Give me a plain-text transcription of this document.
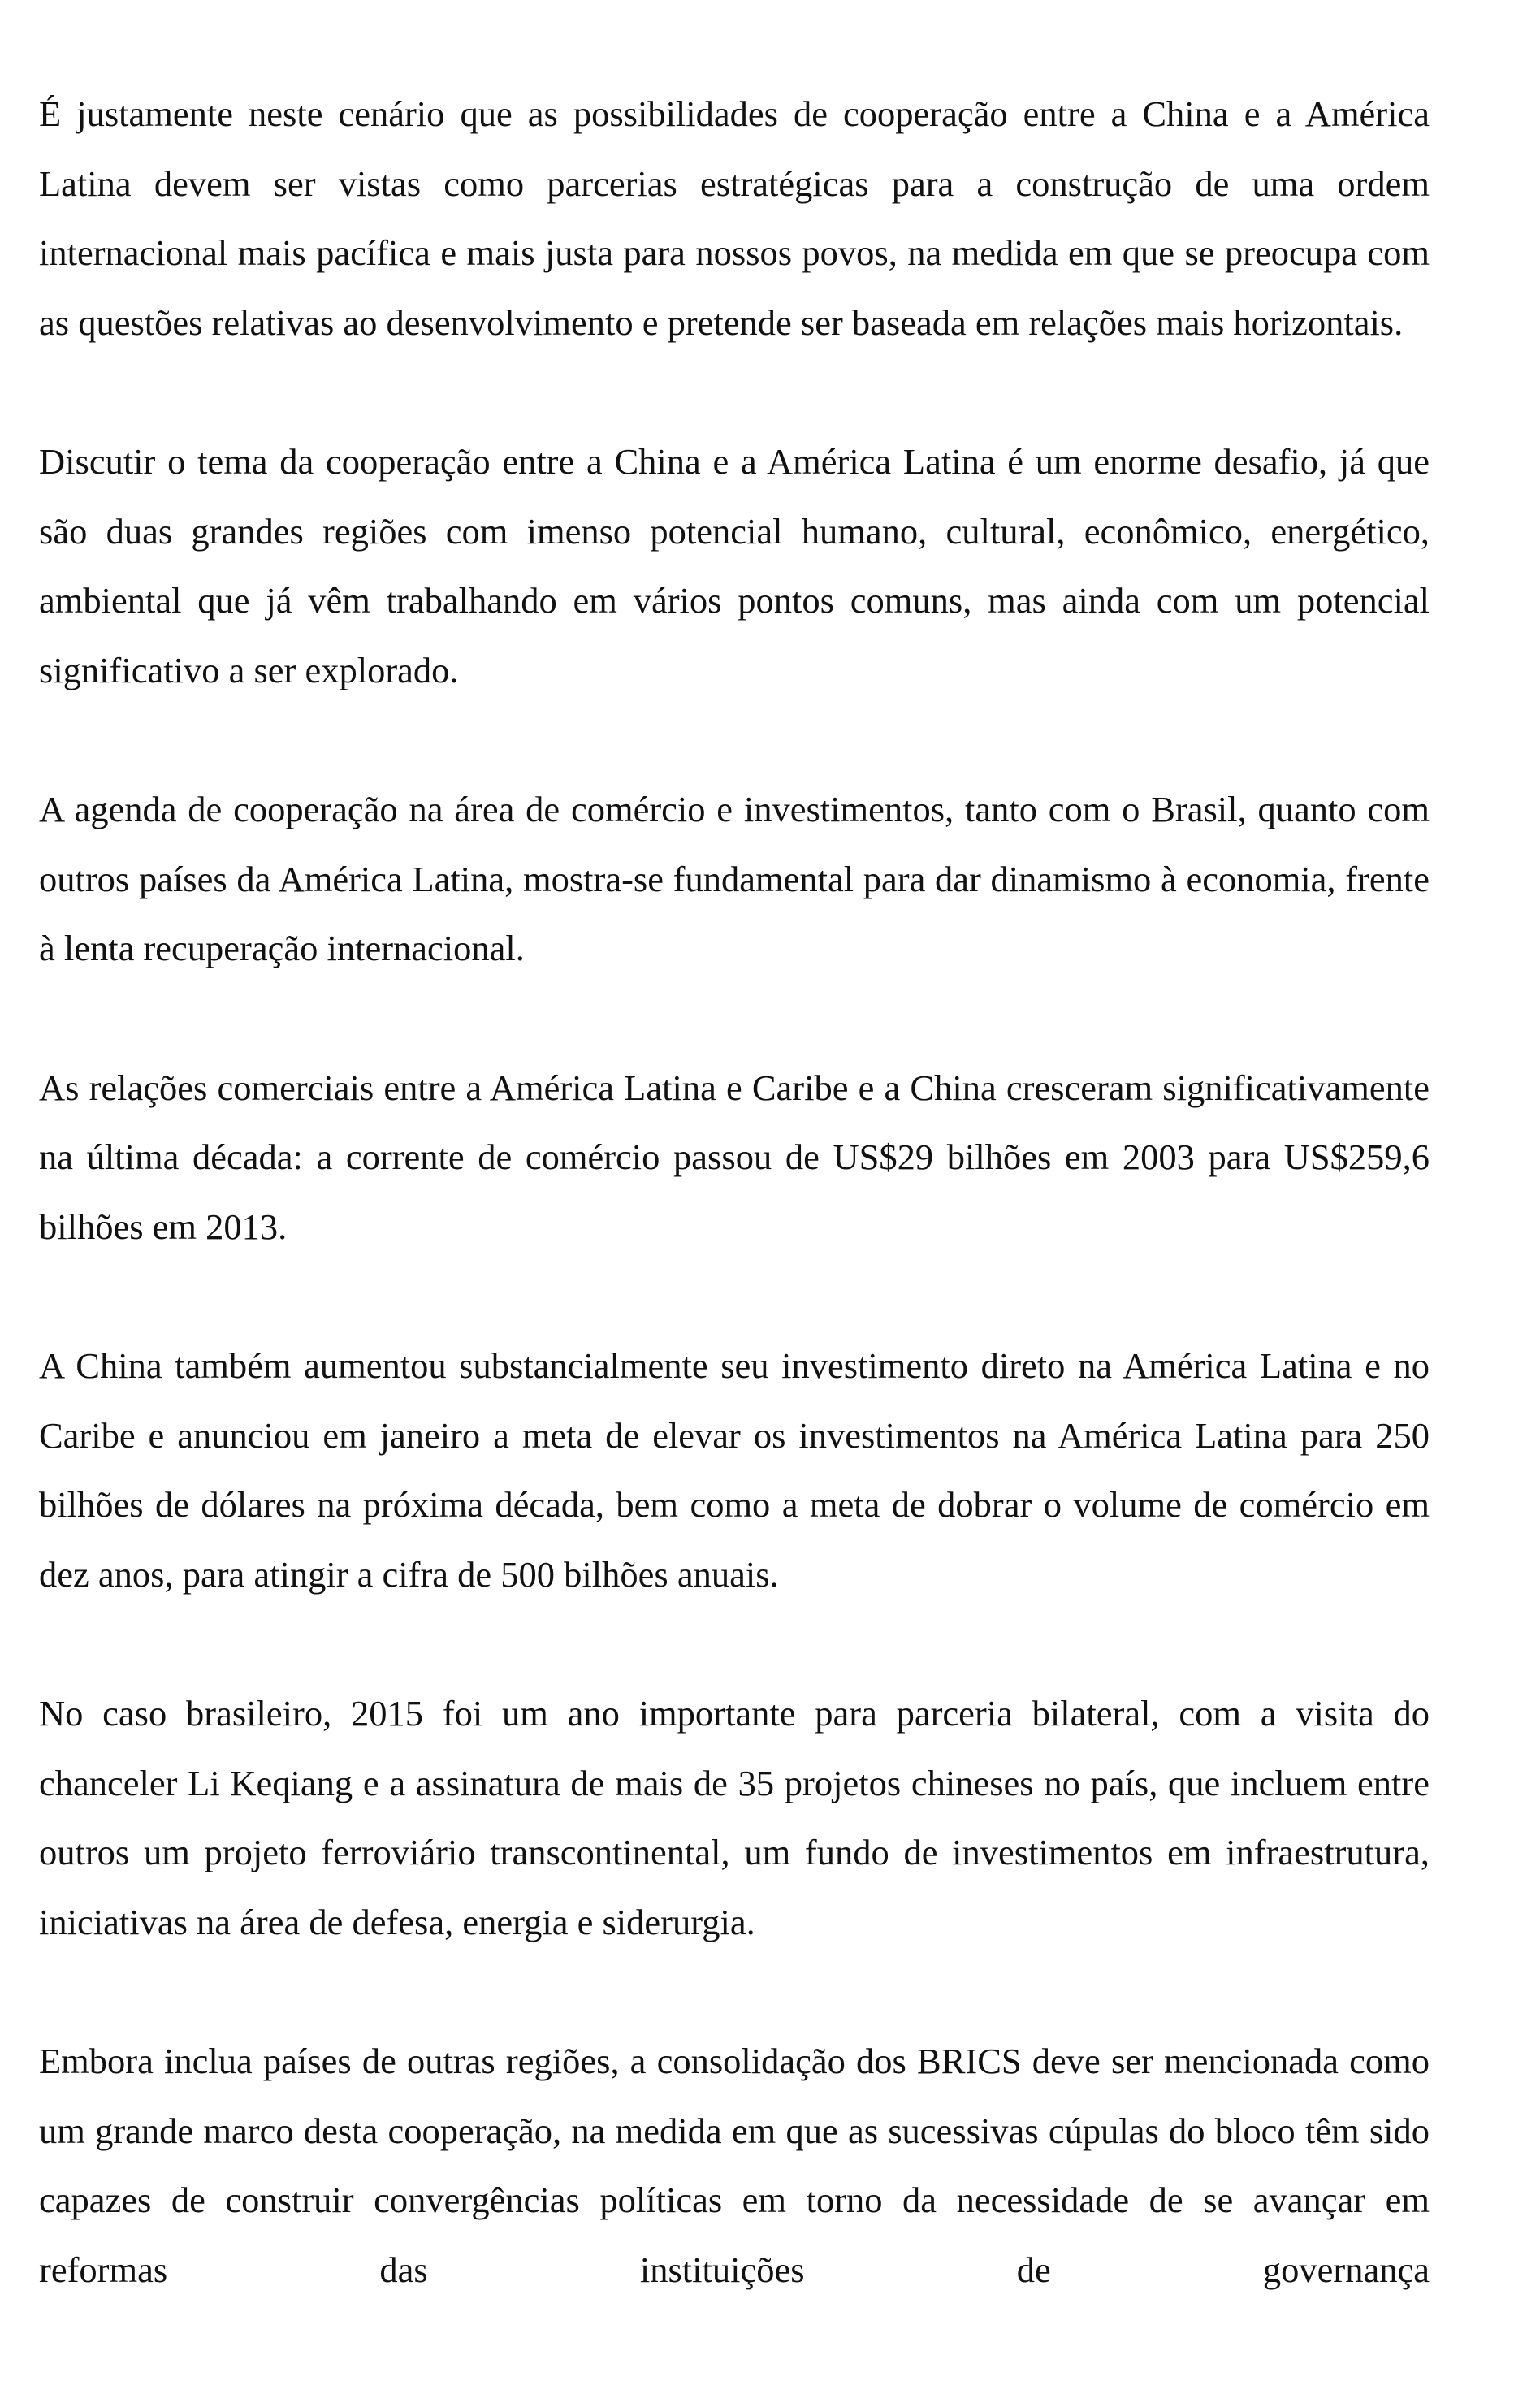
É justamente neste cenário que as possibilidades de cooperação entre a China e a América Latina devem ser vistas como parcerias estratégicas para a construção de uma ordem internacional mais pacífica e mais justa para nossos povos, na medida em que se preocupa com as questões relativas ao desenvolvimento e pretende ser baseada em relações mais horizontais.

Discutir o tema da cooperação entre a China e a América Latina é um enorme desafio, já que são duas grandes regiões com imenso potencial humano, cultural, econômico, energético, ambiental que já vêm trabalhando em vários pontos comuns, mas ainda com um potencial significativo a ser explorado.

A agenda de cooperação na área de comércio e investimentos, tanto com o Brasil, quanto com outros países da América Latina, mostra-se fundamental para dar dinamismo à economia, frente à lenta recuperação internacional.

As relações comerciais entre a América Latina e Caribe e a China cresceram significativamente na última década: a corrente de comércio passou de US$29 bilhões em 2003 para US$259,6 bilhões em 2013.

A China também aumentou substancialmente seu investimento direto na América Latina e no Caribe e anunciou em janeiro a meta de elevar os investimentos na América Latina para 250 bilhões de dólares na próxima década, bem como a meta de dobrar o volume de comércio em dez anos, para atingir a cifra de 500 bilhões anuais.

No caso brasileiro, 2015 foi um ano importante para parceria bilateral, com a visita do chanceler Li Keqiang e a assinatura de mais de 35 projetos chineses no país, que incluem entre outros um projeto ferroviário transcontinental, um fundo de investimentos em infraestrutura, iniciativas na área de defesa, energia e siderurgia.

Embora inclua países de outras regiões, a consolidação dos BRICS deve ser mencionada como um grande marco desta cooperação, na medida em que as sucessivas cúpulas do bloco têm sido capazes de construir convergências políticas em torno da necessidade de se avançar em reformas das instituições de governança
